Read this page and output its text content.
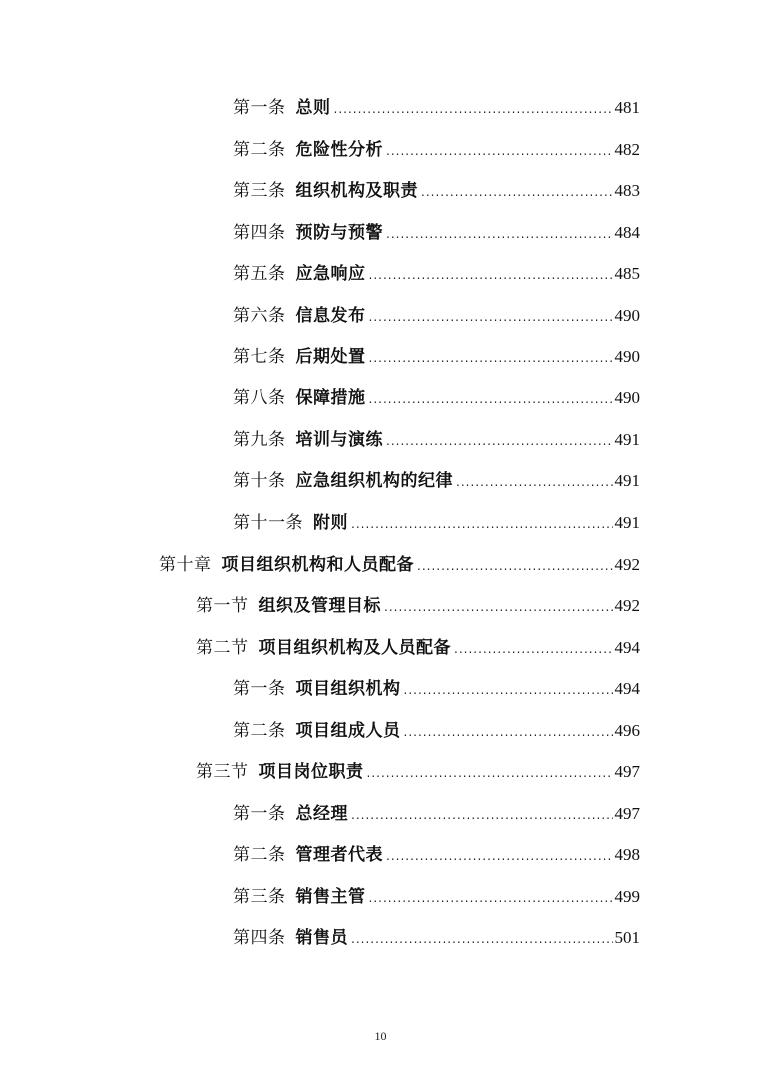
第一条 总则 .....	481
第二条 危险性分析 .....	482
第三条 组织机构及职责 .....	483
第四条 预防与预警 .....	484
第五条 应急响应 .....	485
第六条 信息发布 .....	490
第七条 后期处置 .....	490
第八条 保障措施 .....	490
第九条 培训与演练 .....	491
第十条 应急组织机构的纪律 .....	491
第十一条 附则 .....	491
第十章 项目组织机构和人员配备 .....	492
第一节 组织及管理目标 .....	492
第二节 项目组织机构及人员配备 .....	494
第一条 项目组织机构 .....	494
第二条 项目组成人员 .....	496
第三节 项目岗位职责 .....	497
第一条 总经理 .....	497
第二条 管理者代表 .....	498
第三条 销售主管 .....	499
第四条 销售员 .....	501
10
